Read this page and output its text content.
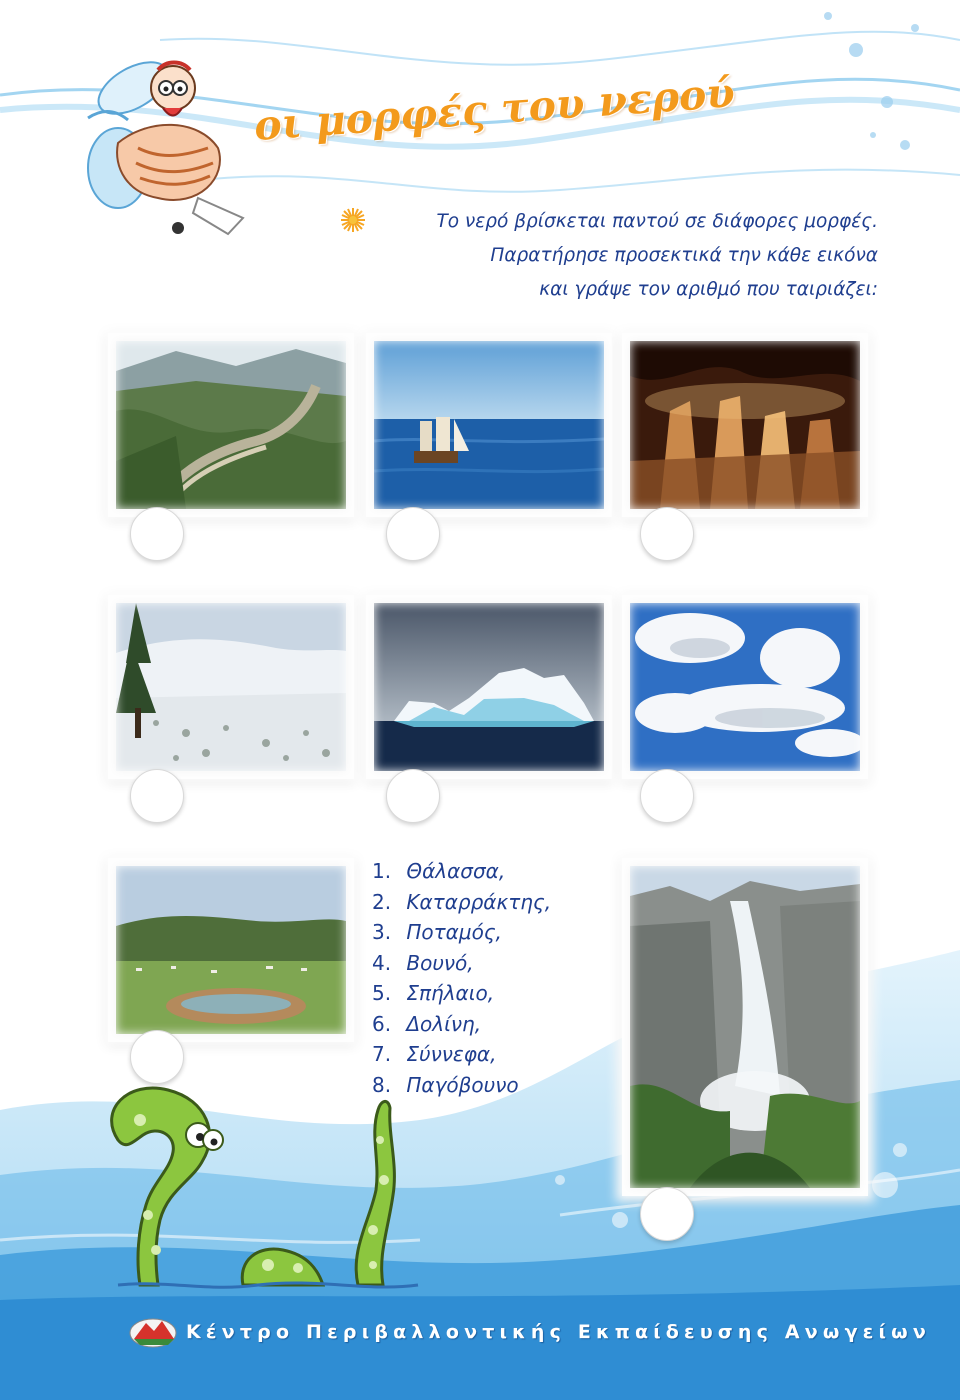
οι μορφές του νερού
Το νερό βρίσκεται παντού σε διάφορες μορφές.
Παρατήρησε προσεκτικά την κάθε εικόνα
και γράψε τον αριθμό που ταιριάζει:
1. Θάλασσα,
2. Καταρράκτης,
3. Ποταμός,
4. Βουνό,
5. Σπήλαιο,
6. Δολίνη,
7. Σύννεφα,
8. Παγόβουνο
Κέντρο Περιβαλλοντικής Εκπαίδευσης Ανωγείων
